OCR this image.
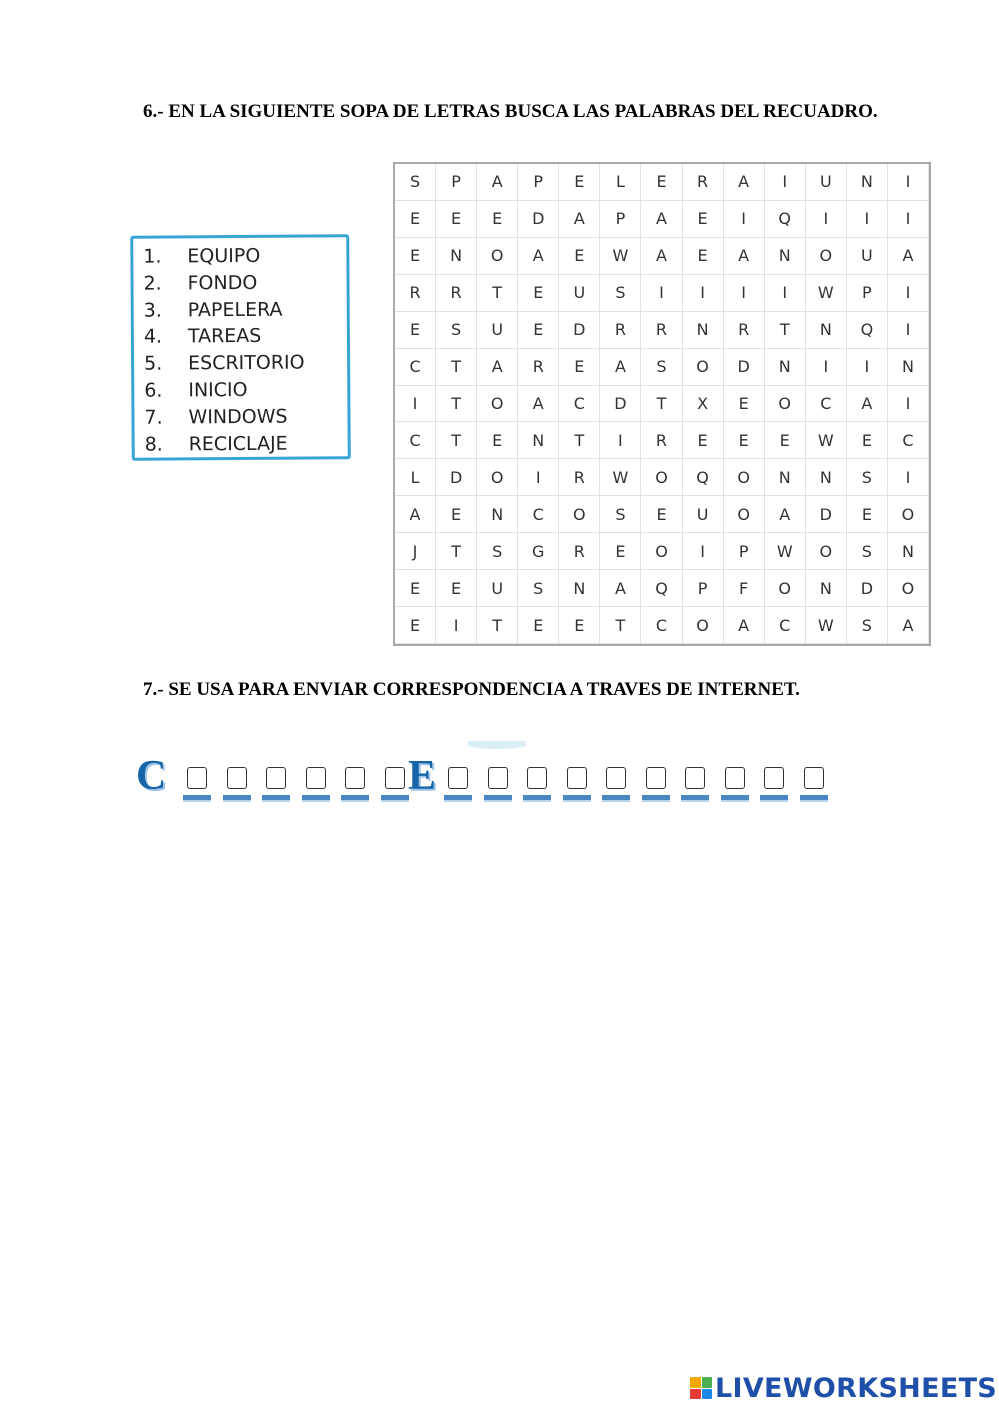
6.- EN LA SIGUIENTE SOPA DE LETRAS BUSCA LAS PALABRAS DEL RECUADRO.
1. EQUIPO
2. FONDO
3. PAPELERA
4. TAREAS
5. ESCRITORIO
6. INICIO
7. WINDOWS
8. RECICLAJE
S	P	A	P	E	L	E	R	A	I	U	N	I
E	E	E	D	A	P	A	E	I	Q	I	I	I
E	N	O	A	E	W	A	E	A	N	O	U	A
R	R	T	E	U	S	I	I	I	I	W	P	I
E	S	U	E	D	R	R	N	R	T	N	Q	I
C	T	A	R	E	A	S	O	D	N	I	I	N
I	T	O	A	C	D	T	X	E	O	C	A	I
C	T	E	N	T	I	R	E	E	E	W	E	C
L	D	O	I	R	W	O	Q	O	N	N	S	I
A	E	N	C	O	S	E	U	O	A	D	E	O
J	T	S	G	R	E	O	I	P	W	O	S	N
E	E	U	S	N	A	Q	P	F	O	N	D	O
E	I	T	E	E	T	C	O	A	C	W	S	A
7.- SE USA PARA ENVIAR CORRESPONDENCIA A TRAVES DE INTERNET.
C	E
LIVEWORKSHEETS
